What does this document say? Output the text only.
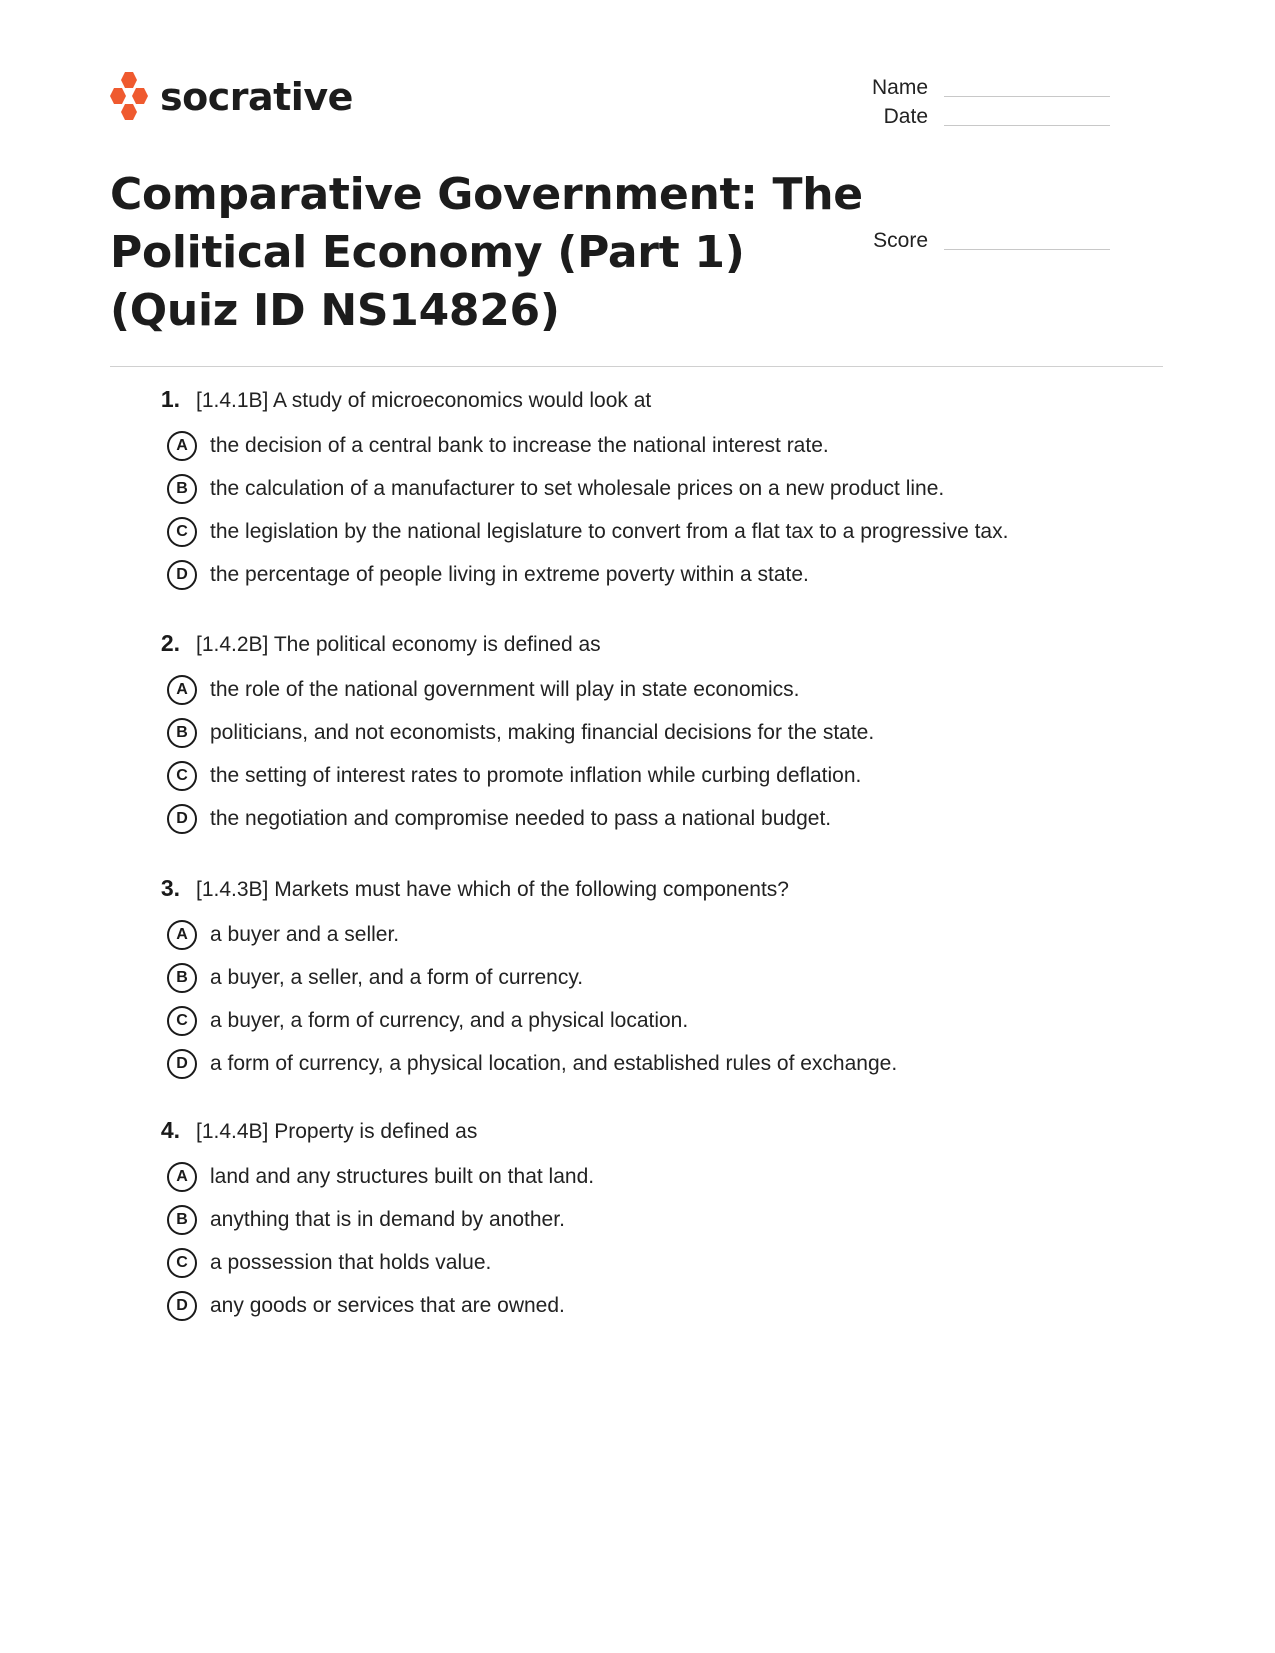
socrative	Name
Date
Score
Comparative Government: The Political Economy (Part 1) (Quiz ID NS14826)
1. [1.4.1B] A study of microeconomics would look at
A	the decision of a central bank to increase the national interest rate.
B	the calculation of a manufacturer to set wholesale prices on a new product line.
C	the legislation by the national legislature to convert from a flat tax to a progressive tax.
D	the percentage of people living in extreme poverty within a state.
2. [1.4.2B] The political economy is defined as
A	the role of the national government will play in state economics.
B	politicians, and not economists, making financial decisions for the state.
C	the setting of interest rates to promote inflation while curbing deflation.
D	the negotiation and compromise needed to pass a national budget.
3. [1.4.3B] Markets must have which of the following components?
A	a buyer and a seller.
B	a buyer, a seller, and a form of currency.
C	a buyer, a form of currency, and a physical location.
D	a form of currency, a physical location, and established rules of exchange.
4. [1.4.4B] Property is defined as
A	land and any structures built on that land.
B	anything that is in demand by another.
C	a possession that holds value.
D	any goods or services that are owned.
